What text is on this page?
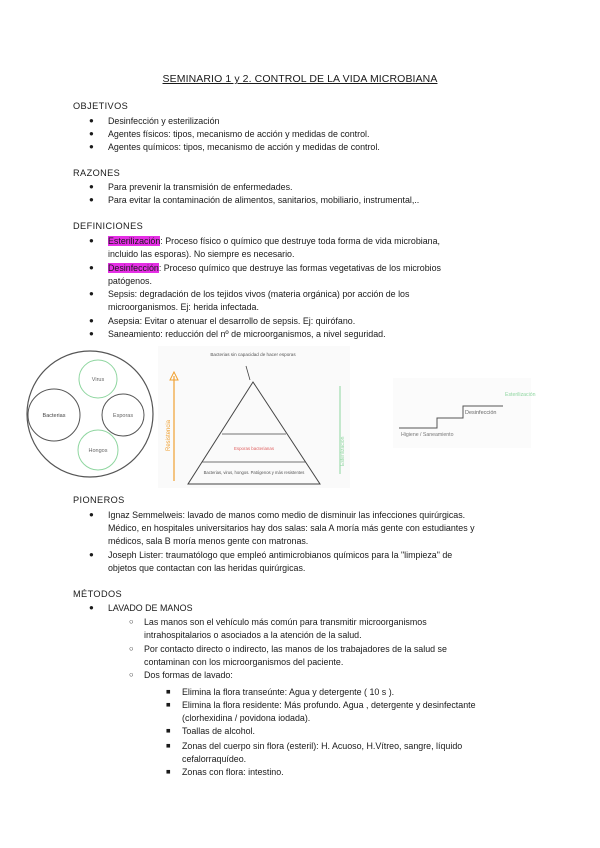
SEMINARIO 1 y 2. CONTROL DE LA VIDA MICROBIANA
OBJETIVOS
● Desinfección y esterilización
● Agentes físicos: tipos, mecanismo de acción y medidas de control.
● Agentes químicos: tipos, mecanismo de acción y medidas de control.
RAZONES
● Para prevenir la transmisión de enfermedades.
● Para evitar la contaminación de alimentos, sanitarios, mobiliario, instrumental,..
DEFINICIONES
● Esterilización: Proceso físico o químico que destruye toda forma de vida microbiana,
incluido las esporas). No siempre es necesario.
● Desinfección: Proceso químico que destruye las formas vegetativas de los microbios
patógenos.
● Sepsis: degradación de los tejidos vivos (materia orgánica) por acción de los
microorganismos. Ej: herida infectada.
● Asepsia: Evitar o atenuar el desarrollo de sepsis. Ej: quirófano.
● Saneamiento: reducción del nº de microorganismos, a nivel seguridad.
Virus
Bacterias	Esporas
Hongos	Resistencia
Bacterias sin capacidad de hacer esporas
Esporas bacterianas
Bacterias, virus, hongos. Patógenos y más resistentes
Esterilización
Higiene / Saneamiento
Desinfección
Esterilización
PIONEROS
● Ignaz Semmelweis: lavado de manos como medio de disminuir las infecciones quirúrgicas.
Médico, en hospitales universitarios hay dos salas: sala A moría más gente con estudiantes y
médicos, sala B moría menos gente con matronas.
● Joseph Lister: traumatólogo que empleó antimicrobianos químicos para la "limpieza" de
objetos que contactan con las heridas quirúrgicas.
MÉTODOS
● LAVADO DE MANOS
○ Las manos son el vehículo más común para transmitir microorganismos
intrahospitalarios o asociados a la atención de la salud.
○ Por contacto directo o indirecto, las manos de los trabajadores de la salud se
contaminan con los microorganismos del paciente.
○ Dos formas de lavado:
■ Elimina la flora transeúnte: Agua y detergente ( 10 s ).
■ Elimina la flora residente: Más profundo. Agua , detergente y desinfectante
(clorhexidina / povidona iodada).
■ Toallas de alcohol.
■ Zonas del cuerpo sin flora (esteril): H. Acuoso, H.Vítreo, sangre, líquido
cefalorraquídeo.
■ Zonas con flora: intestino.
